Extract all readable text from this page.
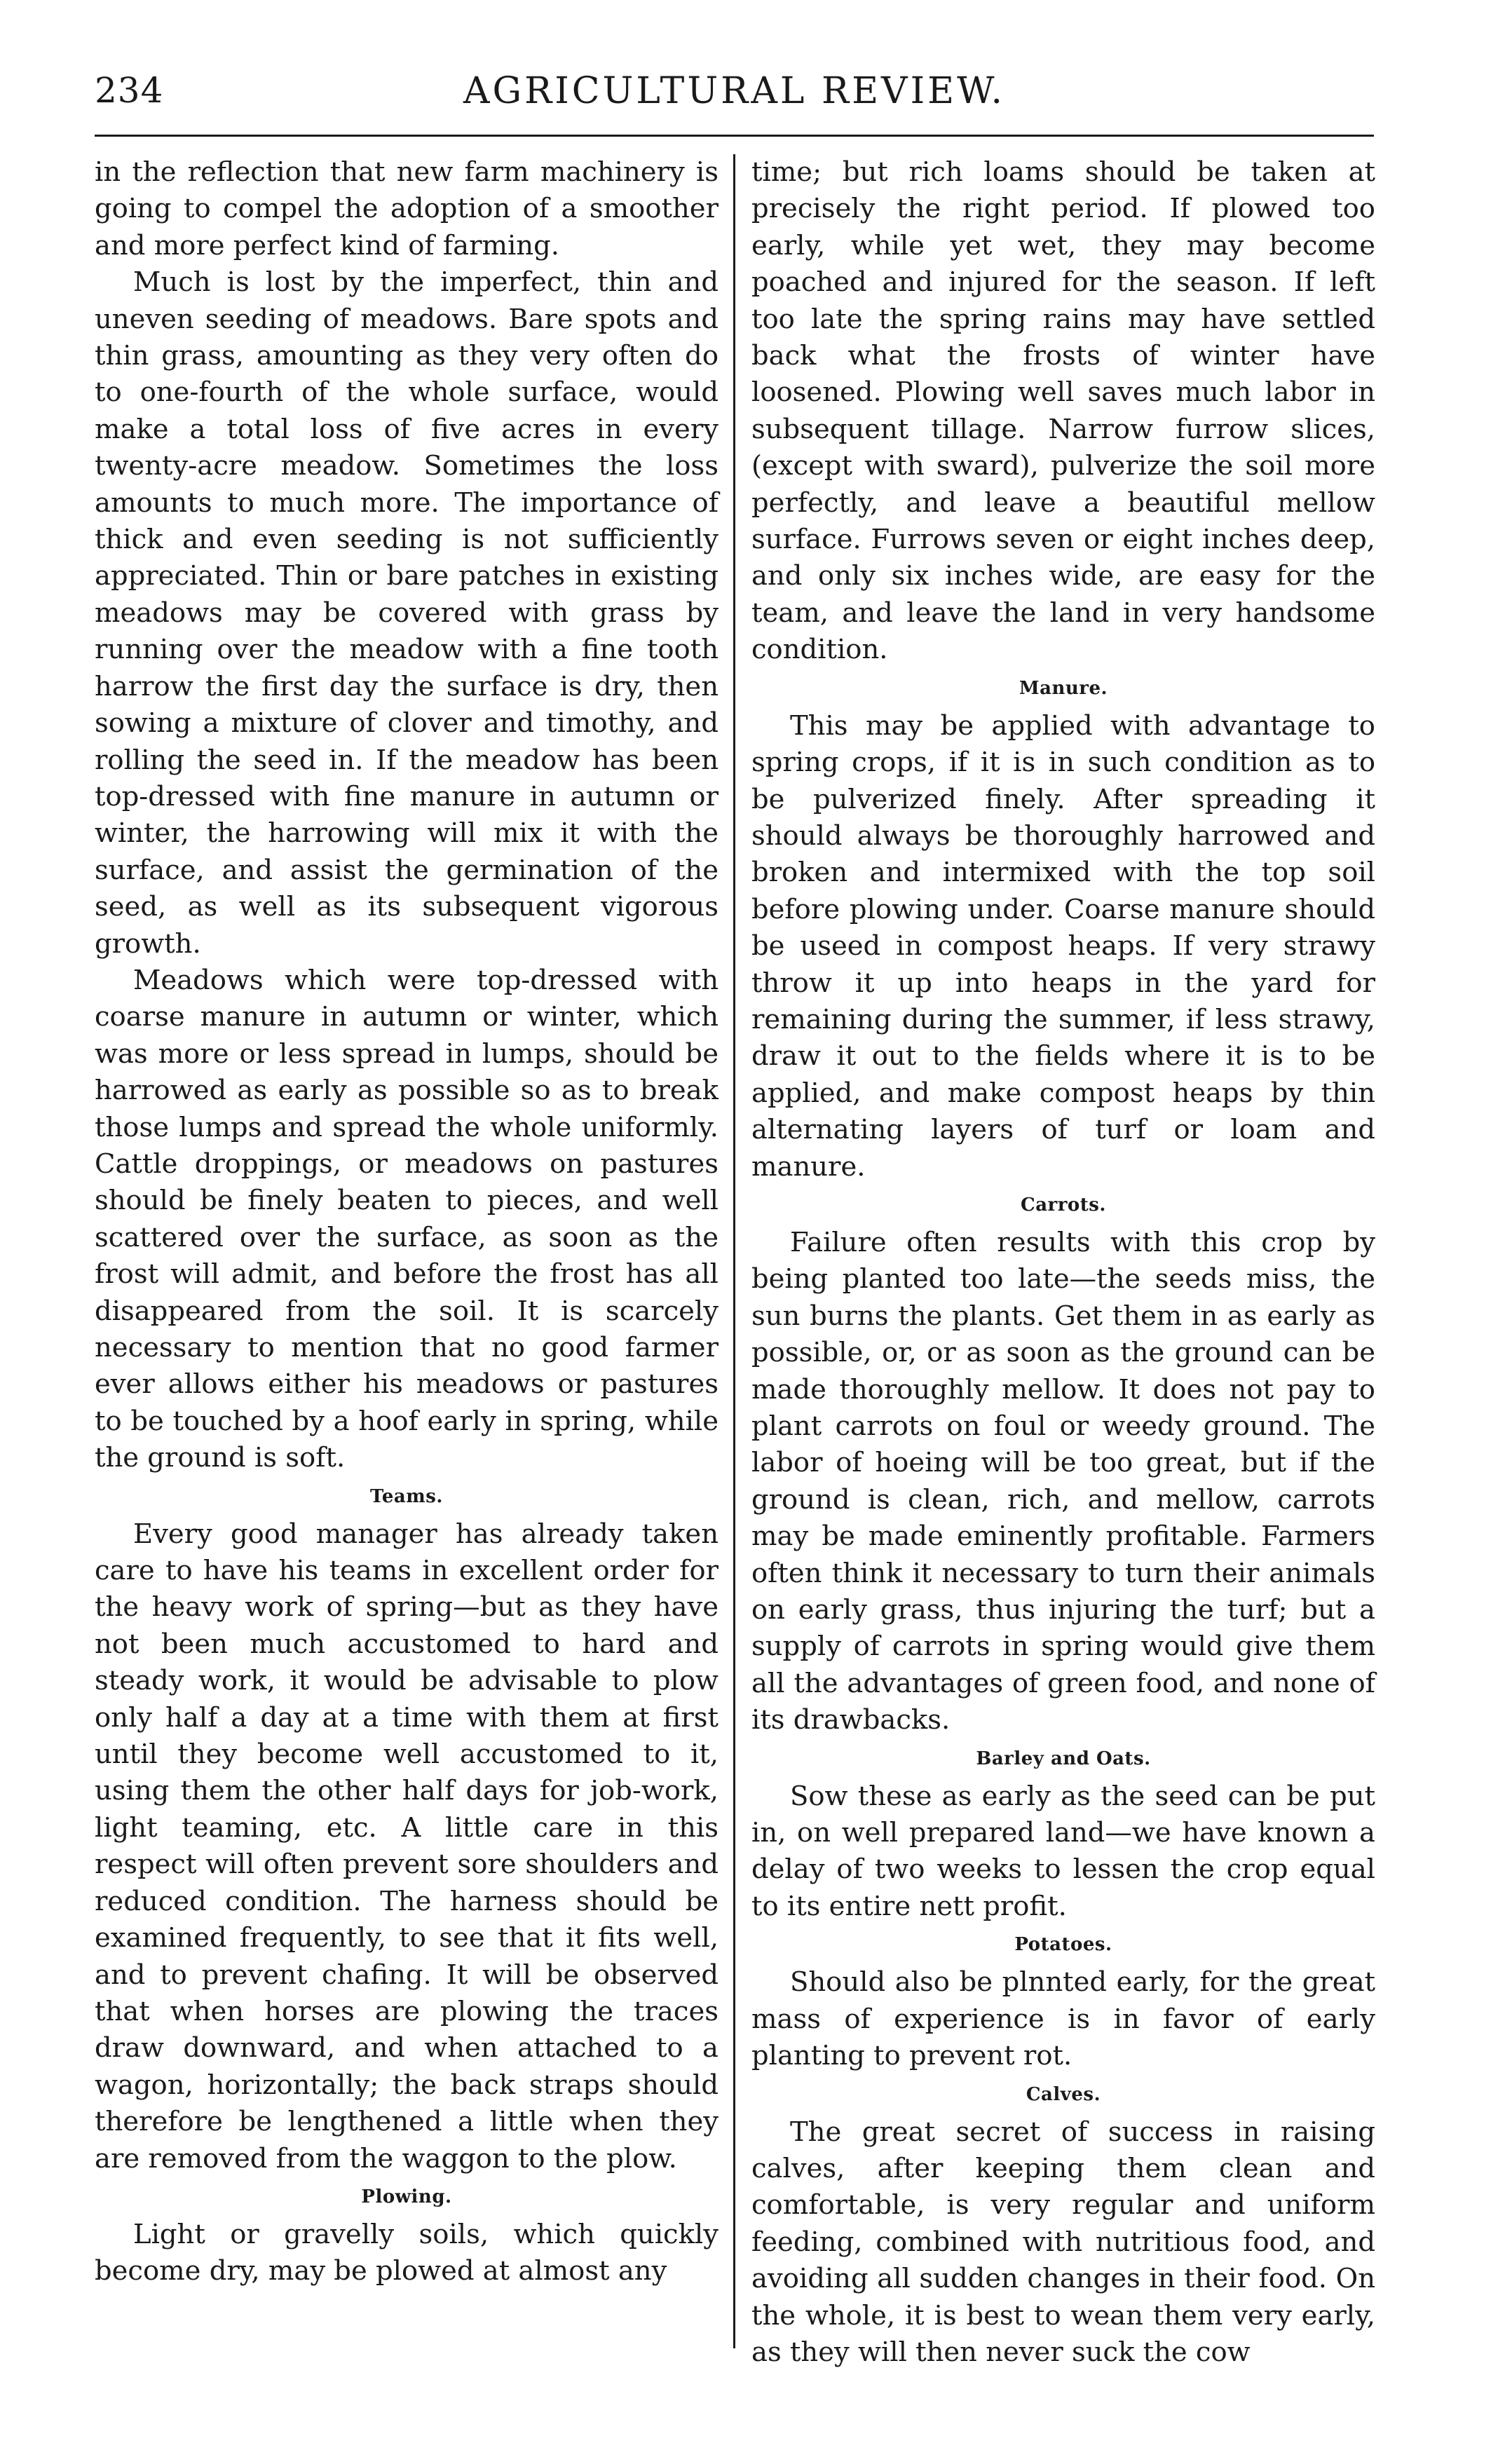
234	AGRICULTURAL REVIEW.

in the reflection that new farm machinery is going to compel the adoption of a smoother and more perfect kind of farming.

Much is lost by the imperfect, thin and uneven seeding of meadows. Bare spots and thin grass, amounting as they very often do to one-fourth of the whole surface, would make a total loss of five acres in every twenty-acre meadow. Sometimes the loss amounts to much more. The importance of thick and even seeding is not sufficiently appreciated. Thin or bare patches in existing meadows may be covered with grass by running over the meadow with a fine tooth harrow the first day the surface is dry, then sowing a mixture of clover and timothy, and rolling the seed in. If the meadow has been top-dressed with fine manure in autumn or winter, the harrowing will mix it with the surface, and assist the germination of the seed, as well as its subsequent vigorous growth.

Meadows which were top-dressed with coarse manure in autumn or winter, which was more or less spread in lumps, should be harrowed as early as possible so as to break those lumps and spread the whole uniformly. Cattle droppings, or meadows on pastures should be finely beaten to pieces, and well scattered over the surface, as soon as the frost will admit, and before the frost has all disappeared from the soil. It is scarcely necessary to mention that no good farmer ever allows either his meadows or pastures to be touched by a hoof early in spring, while the ground is soft.

Teams.

Every good manager has already taken care to have his teams in excellent order for the heavy work of spring—but as they have not been much accustomed to hard and steady work, it would be advisable to plow only half a day at a time with them at first until they become well accustomed to it, using them the other half days for job-work, light teaming, etc. A little care in this respect will often prevent sore shoulders and reduced condition. The harness should be examined frequently, to see that it fits well, and to prevent chafing. It will be observed that when horses are plowing the traces draw downward, and when attached to a wagon, horizontally; the back straps should therefore be lengthened a little when they are removed from the waggon to the plow.

Plowing.

Light or gravelly soils, which quickly become dry, may be plowed at almost any

time; but rich loams should be taken at precisely the right period. If plowed too early, while yet wet, they may become poached and injured for the season. If left too late the spring rains may have settled back what the frosts of winter have loosened. Plowing well saves much labor in subsequent tillage. Narrow furrow slices, (except with sward), pulverize the soil more perfectly, and leave a beautiful mellow surface. Furrows seven or eight inches deep, and only six inches wide, are easy for the team, and leave the land in very handsome condition.

Manure.

This may be applied with advantage to spring crops, if it is in such condition as to be pulverized finely. After spreading it should always be thoroughly harrowed and broken and intermixed with the top soil before plowing under. Coarse manure should be useed in compost heaps. If very strawy throw it up into heaps in the yard for remaining during the summer, if less strawy, draw it out to the fields where it is to be applied, and make compost heaps by thin alternating layers of turf or loam and manure.

Carrots.

Failure often results with this crop by being planted too late—the seeds miss, the sun burns the plants. Get them in as early as possible, or, or as soon as the ground can be made thoroughly mellow. It does not pay to plant carrots on foul or weedy ground. The labor of hoeing will be too great, but if the ground is clean, rich, and mellow, carrots may be made eminently profitable. Farmers often think it necessary to turn their animals on early grass, thus injuring the turf; but a supply of carrots in spring would give them all the advantages of green food, and none of its drawbacks.

Barley and Oats.

Sow these as early as the seed can be put in, on well prepared land—we have known a delay of two weeks to lessen the crop equal to its entire nett profit.

Potatoes.

Should also be plnnted early, for the great mass of experience is in favor of early planting to prevent rot.

Calves.

The great secret of success in raising calves, after keeping them clean and comfortable, is very regular and uniform feeding, combined with nutritious food, and avoiding all sudden changes in their food. On the whole, it is best to wean them very early, as they will then never suck the cow
